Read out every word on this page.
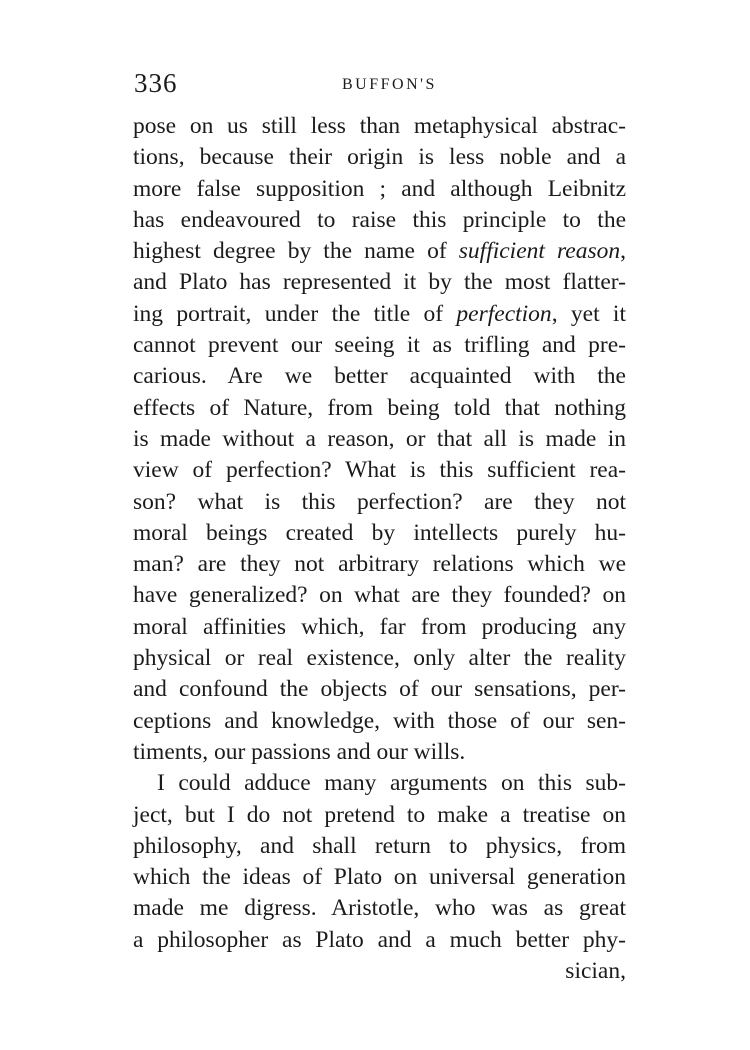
336	BUFFON'S
pose on us still less than metaphysical abstrac-
tions, because their origin is less noble and a
more false supposition ; and although Leibnitz
has endeavoured to raise this principle to the
highest degree by the name of sufficient reason,
and Plato has represented it by the most flatter-
ing portrait, under the title of perfection, yet it
cannot prevent our seeing it as trifling and pre-
carious. Are we better acquainted with the
effects of Nature, from being told that nothing
is made without a reason, or that all is made in
view of perfection? What is this sufficient rea-
son? what is this perfection? are they not
moral beings created by intellects purely hu-
man? are they not arbitrary relations which we
have generalized? on what are they founded? on
moral affinities which, far from producing any
physical or real existence, only alter the reality
and confound the objects of our sensations, per-
ceptions and knowledge, with those of our sen-
timents, our passions and our wills.
I could adduce many arguments on this sub-
ject, but I do not pretend to make a treatise on
philosophy, and shall return to physics, from
which the ideas of Plato on universal generation
made me digress. Aristotle, who was as great
a philosopher as Plato and a much better phy-
sician,
